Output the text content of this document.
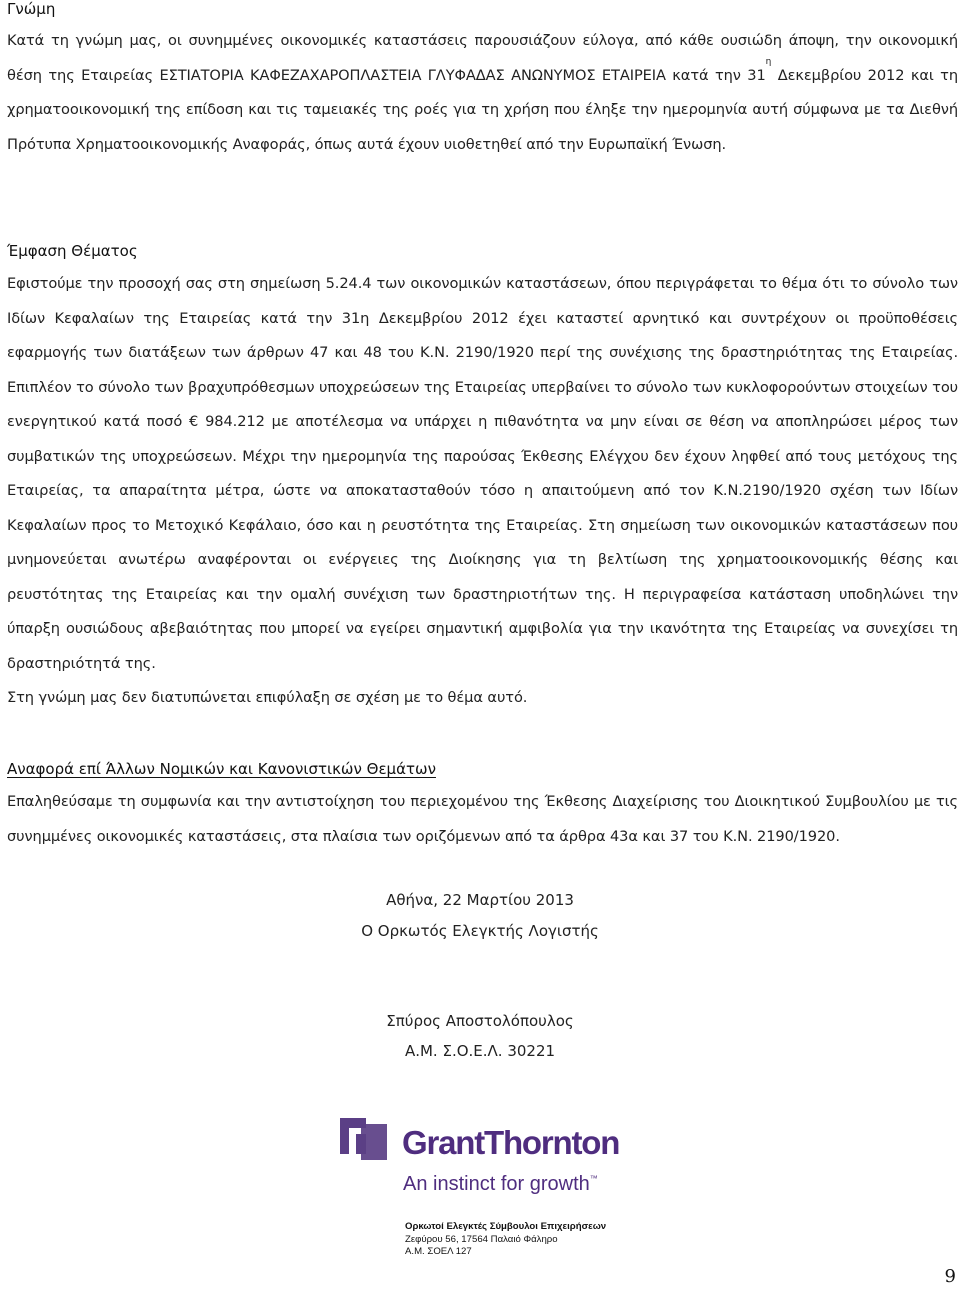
Γνώμη

Κατά τη γνώμη μας, οι συνημμένες οικονομικές καταστάσεις παρουσιάζουν εύλογα, από κάθε ουσιώδη άποψη, την οικονομική θέση της Εταιρείας ΕΣΤΙΑΤΟΡΙΑ ΚΑΦΕΖΑΧΑΡΟΠΛΑΣΤΕΙΑ ΓΛΥΦΑΔΑΣ ΑΝΩΝΥΜΟΣ ΕΤΑΙΡΕΙΑ κατά την $31^\eta$ Δεκεμβρίου 2012 και τη χρηματοοικονομική της επίδοση και τις ταμειακές της ροές για τη χρήση που έληξε την ημερομηνία αυτή σύμφωνα με τα Διεθνή Πρότυπα Χρηματοοικονομικής Αναφοράς, όπως αυτά έχουν υιοθετηθεί από την Ευρωπαϊκή Ένωση.

Έμφαση Θέματος
Εφιστούμε την προσοχή σας στη σημείωση 5.24.4 των οικονομικών καταστάσεων, όπου περιγράφεται το θέμα ότι το σύνολο των Ιδίων Κεφαλαίων της Εταιρείας κατά την 31η Δεκεμβρίου 2012 έχει καταστεί αρνητικό και συντρέχουν οι προϋποθέσεις εφαρμογής των διατάξεων των άρθρων 47 και 48 του Κ.Ν. 2190/1920 περί της συνέχισης της δραστηριότητας της Εταιρείας. Επιπλέον το σύνολο των βραχυπρόθεσμων υποχρεώσεων της Εταιρείας υπερβαίνει το σύνολο των κυκλοφορούντων στοιχείων του ενεργητικού κατά ποσό € 984.212 με αποτέλεσμα να υπάρχει η πιθανότητα να μην είναι σε θέση να αποπληρώσει μέρος των συμβατικών της υποχρεώσεων. Μέχρι την ημερομηνία της παρούσας Έκθεσης Ελέγχου δεν έχουν ληφθεί από τους μετόχους της Εταιρείας, τα απαραίτητα μέτρα, ώστε να αποκατασταθούν τόσο η απαιτούμενη από τον Κ.Ν.2190/1920 σχέση των Ιδίων Κεφαλαίων προς το Μετοχικό Κεφάλαιο, όσο και η ρευστότητα της Εταιρείας. Στη σημείωση των οικονομικών καταστάσεων που μνημονεύεται ανωτέρω αναφέρονται οι ενέργειες της Διοίκησης για τη βελτίωση της χρηματοοικονομικής θέσης και ρευστότητας της Εταιρείας και την ομαλή συνέχιση των δραστηριοτήτων της. Η περιγραφείσα κατάσταση υποδηλώνει την ύπαρξη ουσιώδους αβεβαιότητας που μπορεί να εγείρει σημαντική αμφιβολία για την ικανότητα της Εταιρείας να συνεχίσει τη δραστηριότητά της.
Στη γνώμη μας δεν διατυπώνεται επιφύλαξη σε σχέση με το θέμα αυτό.
Αναφορά επί Άλλων Νομικών και Κανονιστικών Θεμάτων

Επαληθεύσαμε τη συμφωνία και την αντιστοίχηση του περιεχομένου της Έκθεσης Διαχείρισης του Διοικητικού Συμβουλίου με τις συνημμένες οικονομικές καταστάσεις, στα πλαίσια των οριζόμενων από τα άρθρα 43α και 37 του Κ.Ν. 2190/1920.

Αθήνα, 22 Μαρτίου 2013
Ο Ορκωτός Ελεγκτής Λογιστής
Σπύρος Αποστολόπουλος
Α.Μ. Σ.Ο.Ε.Λ. 30221
GrantThornton
An instinct for growth™
Ορκωτοί Ελεγκτές Σύμβουλοι Επιχειρήσεων
Ζεφύρου 56, 17564 Παλαιό Φάληρο
Α.Μ. ΣΟΕΛ 127
9
